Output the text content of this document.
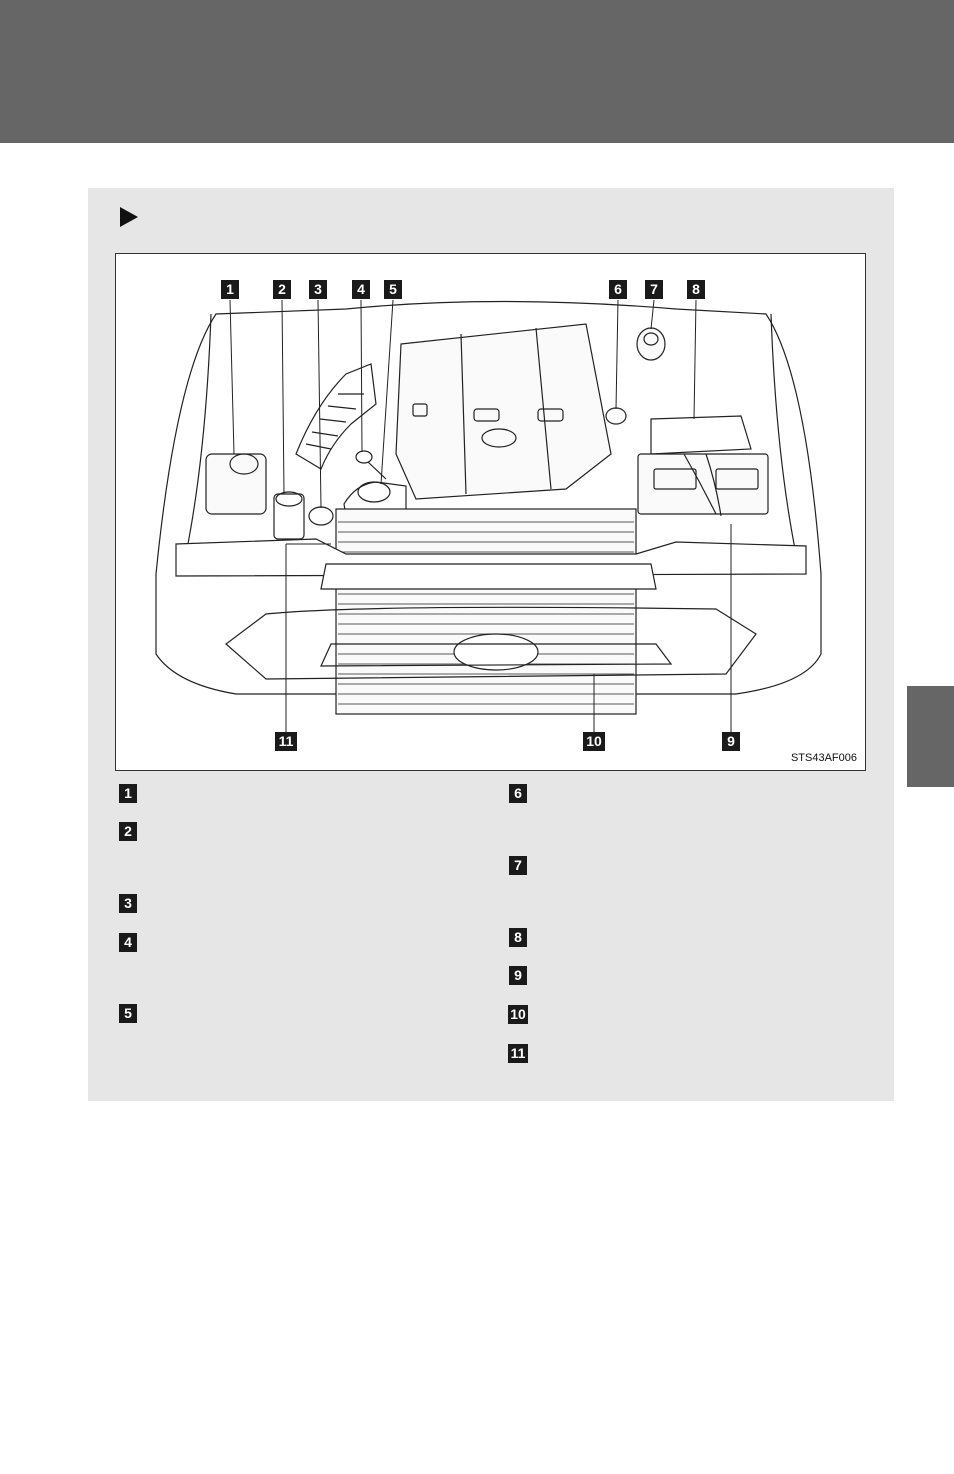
1	2	3	4	5	6	7	8
9
10
11
STS43AF006
1
2
3
4
5
6
7
8
9
10
11
